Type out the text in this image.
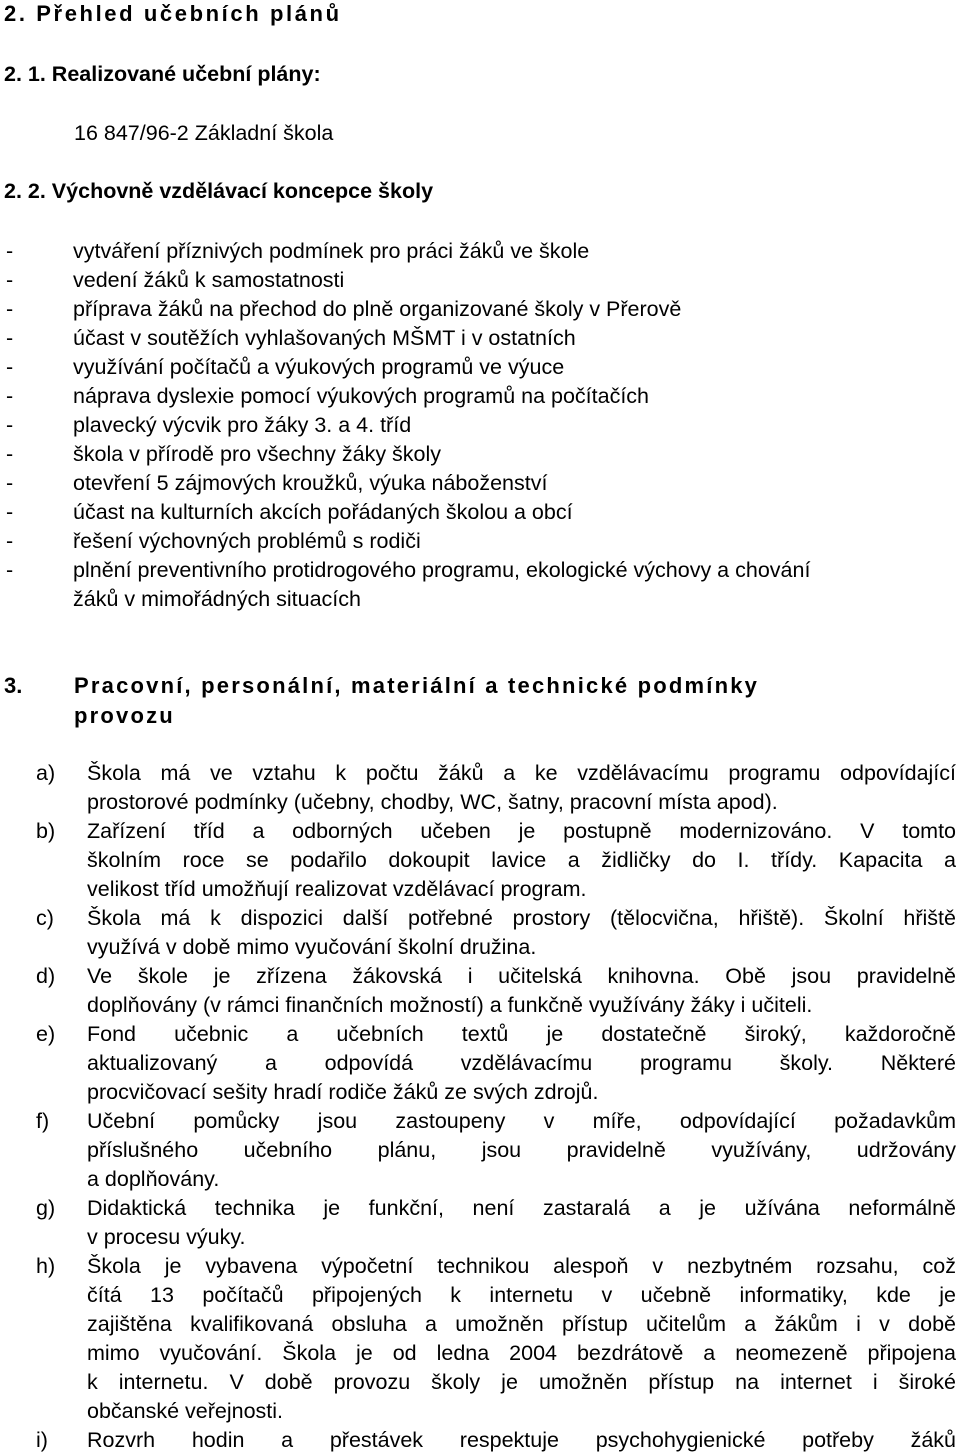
2. Přehled učebních plánů
2. 1. Realizované učební plány:
16 847/96-2 Základní škola
2. 2. Výchovně vzdělávací koncepce školy
-	vytváření příznivých podmínek pro práci žáků ve škole
-	vedení žáků k samostatnosti
-	příprava žáků na přechod do plně organizované školy v Přerově
-	účast v soutěžích vyhlašovaných MŠMT i v ostatních
-	využívání počítačů a výukových programů ve výuce
-	náprava dyslexie pomocí výukových programů na počítačích
-	plavecký výcvik pro žáky 3. a 4. tříd
-	škola v přírodě pro všechny žáky školy
-	otevření 5 zájmových kroužků, výuka náboženství
-	účast na kulturních akcích pořádaných školou a obcí
-	řešení výchovných problémů s rodiči
-	plnění preventivního protidrogového programu, ekologické výchovy a chování
žáků v mimořádných situacích
3. Pracovní, personální, materiální a technické podmínky
provozu
a) Škola má ve vztahu k počtu žáků a ke vzdělávacímu programu odpovídající
prostorové podmínky (učebny, chodby, WC, šatny, pracovní místa apod).
b) Zařízení tříd a odborných učeben je postupně modernizováno. V tomto
školním roce se podařilo dokoupit lavice a židličky do I. třídy. Kapacita a
velikost tříd umožňují realizovat vzdělávací program.
c) Škola má k dispozici další potřebné prostory (tělocvična, hřiště). Školní hřiště
využívá v době mimo vyučování školní družina.
d) Ve škole je zřízena žákovská i učitelská knihovna. Obě jsou pravidelně
doplňovány (v rámci finančních možností) a funkčně využívány žáky i učiteli.
e) Fond učebnic a učebních textů je dostatečně široký, každoročně
aktualizovaný a odpovídá vzdělávacímu programu školy. Některé
procvičovací sešity hradí rodiče žáků ze svých zdrojů.
f) Učební pomůcky jsou zastoupeny v míře, odpovídající požadavkům
příslušného učebního plánu, jsou pravidelně využívány, udržovány
a doplňovány.
g) Didaktická technika je funkční, není zastaralá a je užívána neformálně
v procesu výuky.
h) Škola je vybavena výpočetní technikou alespoň v nezbytném rozsahu, což
čítá 13 počítačů připojených k internetu v učebně informatiky, kde je
zajištěna kvalifikovaná obsluha a umožněn přístup učitelům a žákům i v době
mimo vyučování. Škola je od ledna 2004 bezdrátově a neomezeně připojena
k internetu. V době provozu školy je umožněn přístup na internet i široké
občanské veřejnosti.
i) Rozvrh hodin a přestávek respektuje psychohygienické potřeby žáků
